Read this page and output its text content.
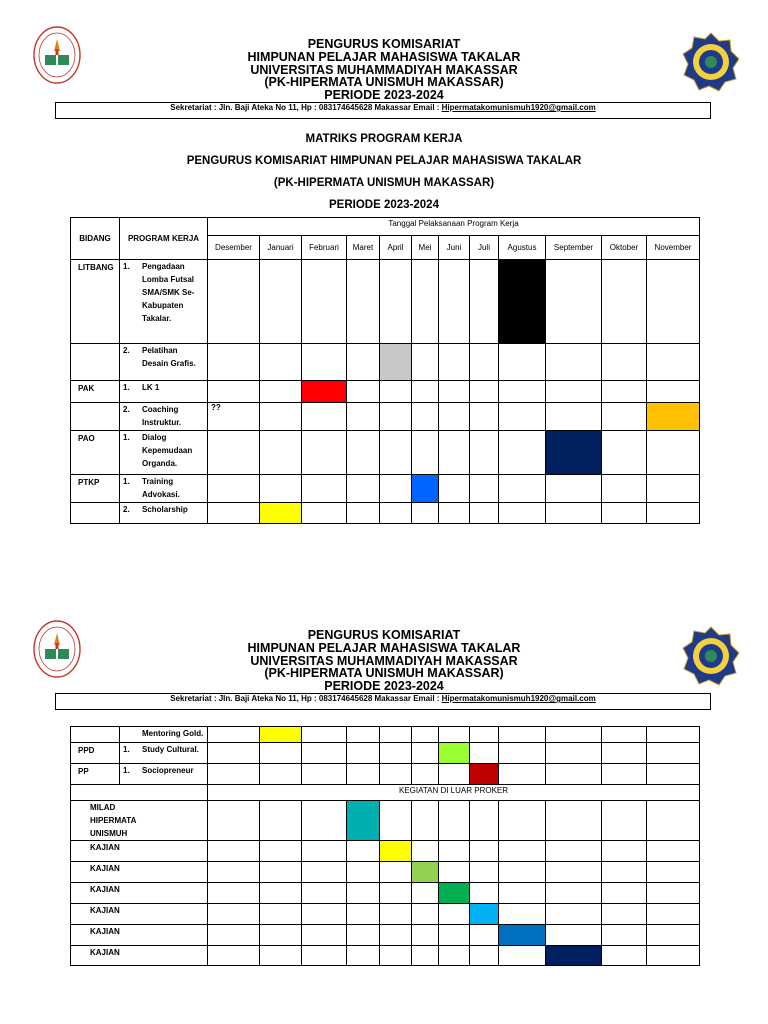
PENGURUS KOMISARIAT
HIMPUNAN PELAJAR MAHASISWA TAKALAR
UNIVERSITAS MUHAMMADIYAH MAKASSAR
(PK-HIPERMATA UNISMUH MAKASSAR)
PERIODE 2023-2024
Sekretariat : Jln. Baji Ateka No 11, Hp : 083174645628 Makassar Email : Hipermatakomunismuh1920@gmail.com
MATRIKS PROGRAM KERJA
PENGURUS KOMISARIAT HIMPUNAN PELAJAR MAHASISWA TAKALAR
(PK-HIPERMATA UNISMUH MAKASSAR)
PERIODE 2023-2024
BIDANG	PROGRAM KERJA	Tanggal Pelaksanaan Program Kerja											
		Desember	Januari	Februari	Maret	April	Mei	Juni	Juli	Agustus	September	Oktober	November
LITBANG	1. Pengadaan Lomba Futsal SMA/SMK Se-Kabupaten Takalar.												
	2. Pelatihan Desain Grafis.												
PAK	1. LK 1												
	2. Coaching Instruktur.	??											
PAO	1. Dialog Kepemudaan Organda.												
PTKP	1. Training Advokasi.												
	2. Scholarship												
PENGURUS KOMISARIAT
HIMPUNAN PELAJAR MAHASISWA TAKALAR
UNIVERSITAS MUHAMMADIYAH MAKASSAR
(PK-HIPERMATA UNISMUH MAKASSAR)
PERIODE 2023-2024
Sekretariat : Jln. Baji Ateka No 11, Hp : 083174645628 Makassar Email : Hipermatakomunismuh1920@gmail.com
	Mentoring Gold.												
PPD	1. Study Cultural.												
PP	1. Sociopreneur												
		KEGIATAN DI LUAR PROKER											
MILAD HIPERMATA UNISMUH													
KAJIAN													
KAJIAN													
KAJIAN													
KAJIAN													
KAJIAN													
KAJIAN													
